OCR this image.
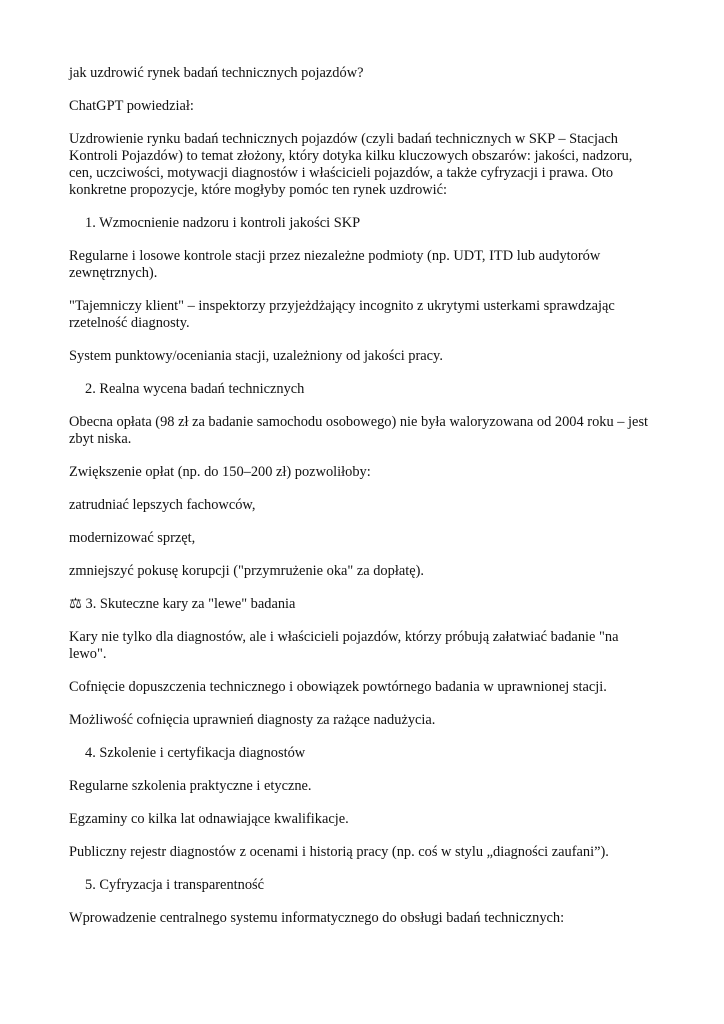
jak uzdrowić rynek badań technicznych pojazdów?

ChatGPT powiedział:

Uzdrowienie rynku badań technicznych pojazdów (czyli badań technicznych w SKP – Stacjach Kontroli Pojazdów) to temat złożony, który dotyka kilku kluczowych obszarów: jakości, nadzoru, cen, uczciwości, motywacji diagnostów i właścicieli pojazdów, a także cyfryzacji i prawa. Oto konkretne propozycje, które mogłyby pomóc ten rynek uzdrowić:

1. Wzmocnienie nadzoru i kontroli jakości SKP

Regularne i losowe kontrole stacji przez niezależne podmioty (np. UDT, ITD lub audytorów zewnętrznych).

"Tajemniczy klient" – inspektorzy przyjeżdżający incognito z ukrytymi usterkami sprawdzając rzetelność diagnosty.

System punktowy/oceniania stacji, uzależniony od jakości pracy.

2. Realna wycena badań technicznych

Obecna opłata (98 zł za badanie samochodu osobowego) nie była waloryzowana od 2004 roku – jest zbyt niska.

Zwiększenie opłat (np. do 150–200 zł) pozwoliłoby:

zatrudniać lepszych fachowców,

modernizować sprzęt,

zmniejszyć pokusę korupcji ("przymrużenie oka" za dopłatę).

⚖ 3. Skuteczne kary za "lewe" badania

Kary nie tylko dla diagnostów, ale i właścicieli pojazdów, którzy próbują załatwiać badanie "na lewo".

Cofnięcie dopuszczenia technicznego i obowiązek powtórnego badania w uprawnionej stacji.

Możliwość cofnięcia uprawnień diagnosty za rażące nadużycia.

4. Szkolenie i certyfikacja diagnostów

Regularne szkolenia praktyczne i etyczne.

Egzaminy co kilka lat odnawiające kwalifikacje.

Publiczny rejestr diagnostów z ocenami i historią pracy (np. coś w stylu „diagności zaufani”).

5. Cyfryzacja i transparentność

Wprowadzenie centralnego systemu informatycznego do obsługi badań technicznych:
